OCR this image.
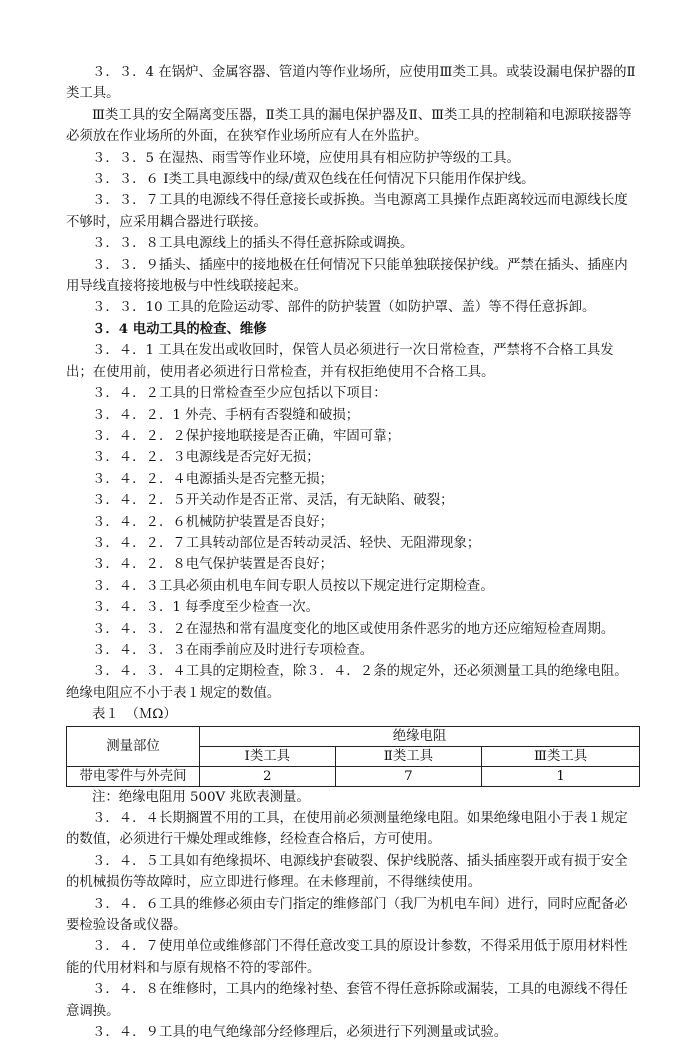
３．３．4 在锅炉、金属容器、管道内等作业场所，应使用Ⅲ类工具。或装设漏电保护器的Ⅱ类工具。

Ⅲ类工具的安全隔离变压器，Ⅱ类工具的漏电保护器及Ⅱ、Ⅲ类工具的控制箱和电源联接器等必须放在作业场所的外面，在狭窄作业场所应有人在外监护。

３．３．5 在湿热、雨雪等作业环境，应使用具有相应防护等级的工具。

３．３．６ Ⅰ类工具电源线中的绿/黄双色线在任何情况下只能用作保护线。

３．３．７工具的电源线不得任意接长或拆换。当电源离工具操作点距离较远而电源线长度不够时，应采用耦合器进行联接。

３．３．８工具电源线上的插头不得任意拆除或调换。

３．３．９插头、插座中的接地极在任何情况下只能单独联接保护线。严禁在插头、插座内用导线直接将接地极与中性线联接起来。

３．３．10 工具的危险运动零、部件的防护装置（如防护罩、盖）等不得任意拆卸。

３．4 电动工具的检查、维修

３．４．1 工具在发出或收回时，保管人员必须进行一次日常检查，严禁将不合格工具发出；在使用前，使用者必须进行日常检查，并有权拒绝使用不合格工具。

３．４．２工具的日常检查至少应包括以下项目：

３．４．２．1 外壳、手柄有否裂缝和破损；

３．４．２．２保护接地联接是否正确，牢固可靠；

３．４．２．３电源线是否完好无损；

３．４．２．４电源插头是否完整无损；

３．４．２．５开关动作是否正常、灵活，有无缺陷、破裂；

３．４．２．６机械防护装置是否良好；

３．４．２．７工具转动部位是否转动灵活、轻快、无阻滞现象；

３．４．２．８电气保护装置是否良好；

３．４．３工具必须由机电车间专职人员按以下规定进行定期检查。

３．４．３．1 每季度至少检查一次。

３．４．３．２在湿热和常有温度变化的地区或使用条件恶劣的地方还应缩短检查周期。

３．４．３．３在雨季前应及时进行专项检查。

３．４．３．４工具的定期检查，除３．４．２条的规定外，还必须测量工具的绝缘电阻。绝缘电阻应不小于表１规定的数值。

表１　（ＭΩ）

测量部位	绝缘电阻		
	Ⅰ类工具	Ⅱ类工具	Ⅲ类工具
带电零件与外壳间	2	7	1

注：绝缘电阻用 500V 兆欧表测量。

３．４．４长期搁置不用的工具，在使用前必须测量绝缘电阻。如果绝缘电阻小于表１规定的数值，必须进行干燥处理或维修，经检查合格后，方可使用。

３．４．５工具如有绝缘损坏、电源线护套破裂、保护线脱落、插头插座裂开或有损于安全的机械损伤等故障时，应立即进行修理。在未修理前，不得继续使用。

３．４．６工具的维修必须由专门指定的维修部门（我厂为机电车间）进行，同时应配备必要检验设备或仪器。

３．４．７使用单位或维修部门不得任意改变工具的原设计参数，不得采用低于原用材料性能的代用材料和与原有规格不符的零部件。

３．４．８在维修时，工具内的绝缘衬垫、套管不得任意拆除或漏装，工具的电源线不得任意调换。

３．４．９工具的电气绝缘部分经修理后，必须进行下列测量或试验。
